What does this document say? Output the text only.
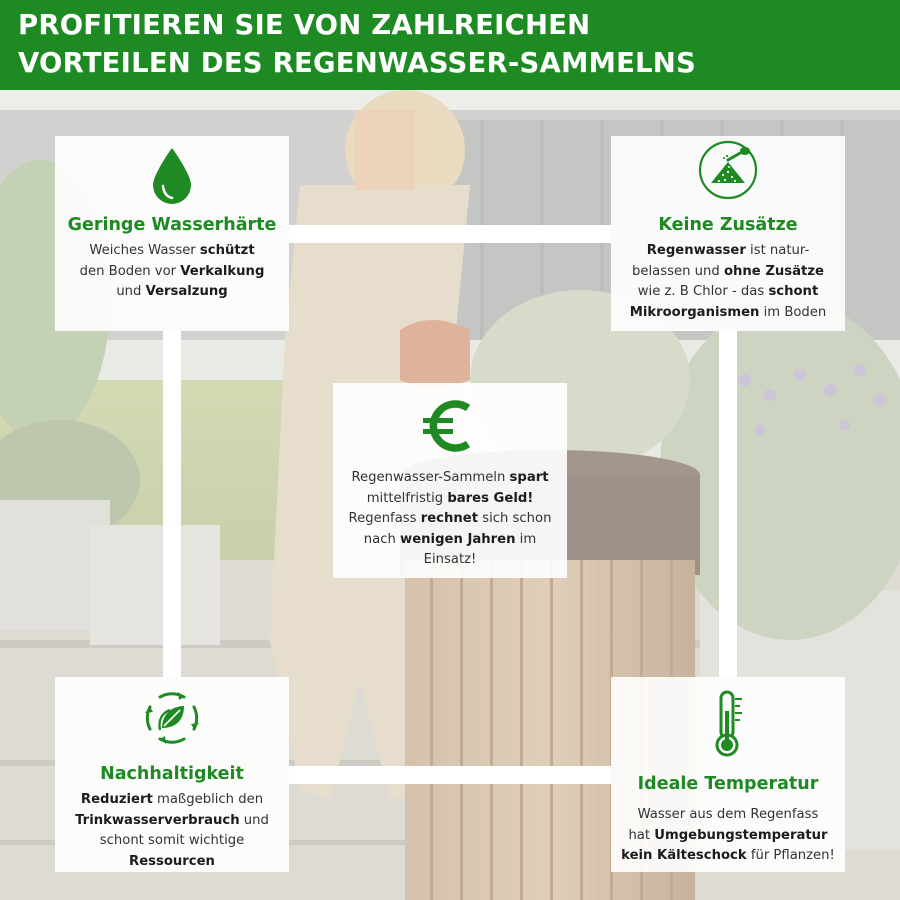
PROFITIEREN SIE VON ZAHLREICHEN
VORTEILEN DES REGENWASSER-SAMMELNS
Geringe Wasserhärte
Weiches Wasser schützt
den Boden vor Verkalkung
und Versalzung
Keine Zusätze
Regenwasser ist natur-
belassen und ohne Zusätze
wie z. B Chlor - das schont
Mikroorganismen im Boden
Regenwasser-Sammeln spart
mittelfristig bares Geld!
Regenfass rechnet sich schon
nach wenigen Jahren im
Einsatz!
Nachhaltigkeit
Reduziert maßgeblich den
Trinkwasserverbrauch und
schont somit wichtige
Ressourcen
Ideale Temperatur
Wasser aus dem Regenfass
hat Umgebungstemperatur
kein Kälteschock für Pflanzen!
